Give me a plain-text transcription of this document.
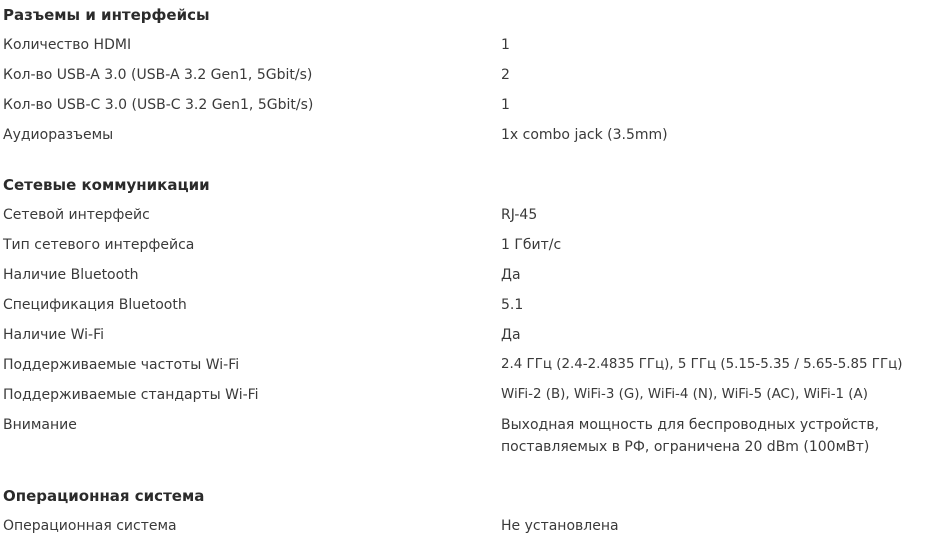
Разъемы и интерфейсы
Количество HDMI	1
Кол-во USB-A 3.0 (USB-A 3.2 Gen1, 5Gbit/s)	2
Кол-во USB-C 3.0 (USB-C 3.2 Gen1, 5Gbit/s)	1
Аудиоразъемы	1x combo jack (3.5mm)
Сетевые коммуникации
Сетевой интерфейс	RJ-45
Тип сетевого интерфейса	1 Гбит/с
Наличие Bluetooth	Да
Спецификация Bluetooth	5.1
Наличие Wi-Fi	Да
Поддерживаемые частоты Wi-Fi	2.4 ГГц (2.4-2.4835 ГГц), 5 ГГц (5.15-5.35 / 5.65-5.85 ГГц)
Поддерживаемые стандарты Wi-Fi	WiFi-2 (B), WiFi-3 (G), WiFi-4 (N), WiFi-5 (AC), WiFi-1 (A)
Внимание	Выходная мощность для беспроводных устройств, поставляемых в РФ, ограничена 20 dBm (100мВт)
Операционная система
Операционная система	Не установлена
